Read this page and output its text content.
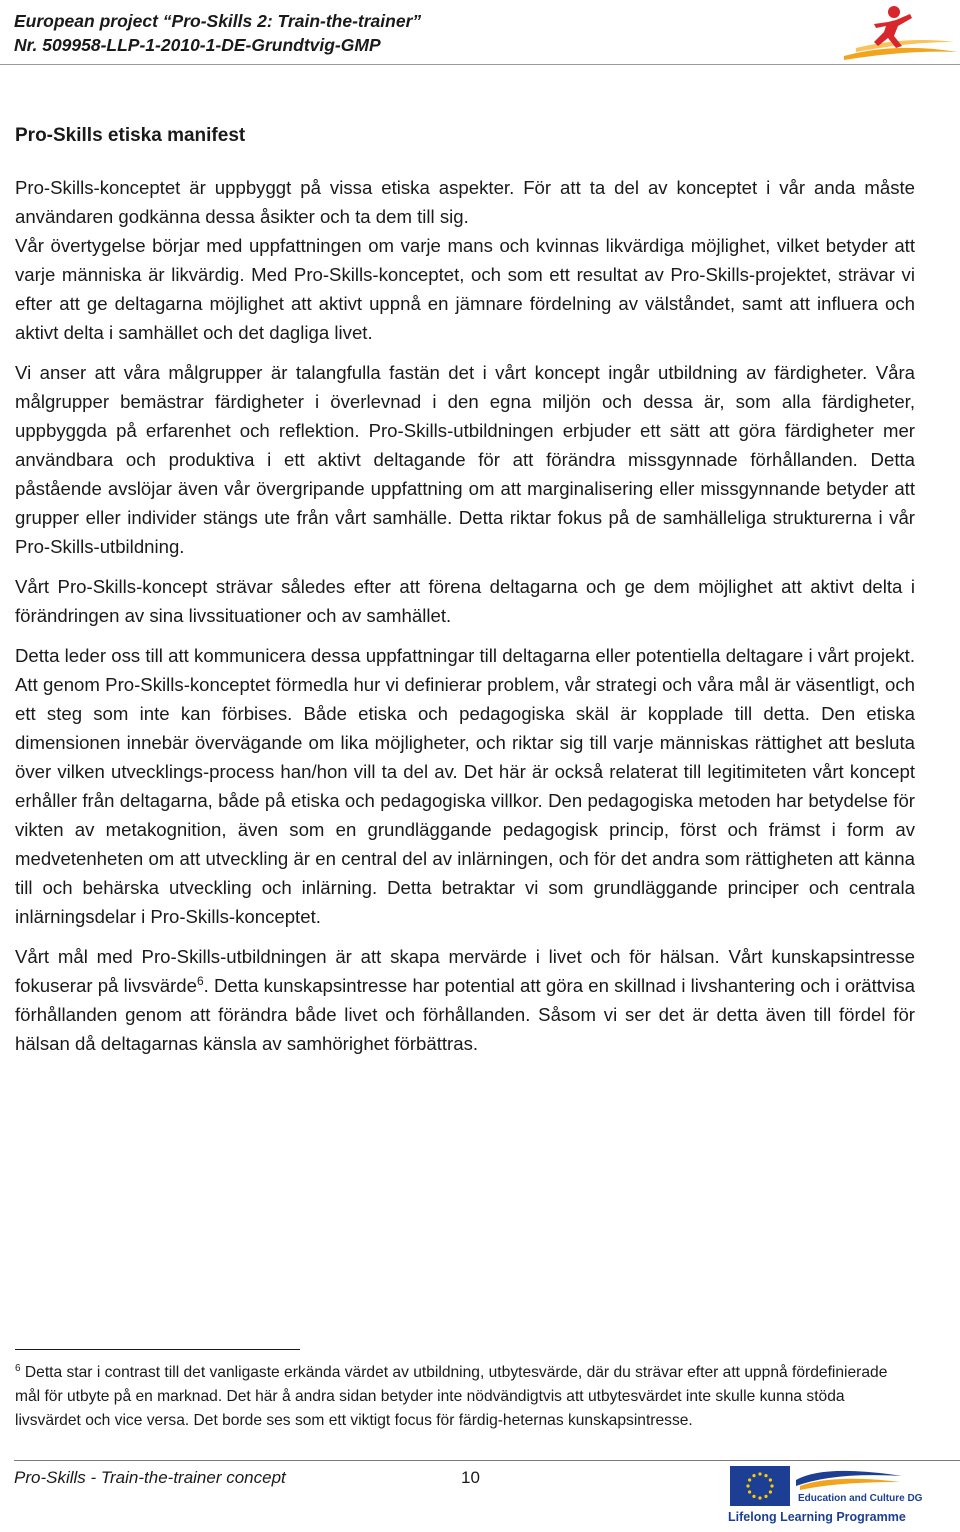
European project “Pro-Skills 2: Train-the-trainer”
Nr. 509958-LLP-1-2010-1-DE-Grundtvig-GMP
Pro-Skills etiska manifest

Pro-Skills-konceptet är uppbyggt på vissa etiska aspekter. För att ta del av konceptet i vår anda måste användaren godkänna dessa åsikter och ta dem till sig.

Vår övertygelse börjar med uppfattningen om varje mans och kvinnas likvärdiga möjlighet, vilket betyder att varje människa är likvärdig. Med Pro-Skills-konceptet, och som ett resultat av Pro-Skills-projektet, strävar vi efter att ge deltagarna möjlighet att aktivt uppnå en jämnare fördelning av välståndet, samt att influera och aktivt delta i samhället och det dagliga livet.

Vi anser att våra målgrupper är talangfulla fastän det i vårt koncept ingår utbildning av färdigheter. Våra målgrupper bemästrar färdigheter i överlevnad i den egna miljön och dessa är, som alla färdigheter, uppbyggda på erfarenhet och reflektion. Pro-Skills-utbildningen erbjuder ett sätt att göra färdigheter mer användbara och produktiva i ett aktivt deltagande för att förändra missgynnade förhållanden. Detta påstående avslöjar även vår övergripande uppfattning om att marginalisering eller missgynnande betyder att grupper eller individer stängs ute från vårt samhälle. Detta riktar fokus på de samhälleliga strukturerna i vår Pro-Skills-utbildning.

Vårt Pro-Skills-koncept strävar således efter att förena deltagarna och ge dem möjlighet att aktivt delta i förändringen av sina livssituationer och av samhället.

Detta leder oss till att kommunicera dessa uppfattningar till deltagarna eller potentiella deltagare i vårt projekt. Att genom Pro-Skills-konceptet förmedla hur vi definierar problem, vår strategi och våra mål är väsentligt, och ett steg som inte kan förbises. Både etiska och pedagogiska skäl är kopplade till detta. Den etiska dimensionen innebär övervägande om lika möjligheter, och riktar sig till varje människas rättighet att besluta över vilken utvecklings-process han/hon vill ta del av. Det här är också relaterat till legitimiteten vårt koncept erhåller från deltagarna, både på etiska och pedagogiska villkor. Den pedagogiska metoden har betydelse för vikten av metakognition, även som en grundläggande pedagogisk princip, först och främst i form av medvetenheten om att utveckling är en central del av inlärningen, och för det andra som rättigheten att känna till och behärska utveckling och inlärning. Detta betraktar vi som grundläggande principer och centrala inlärningsdelar i Pro-Skills-konceptet.

Vårt mål med Pro-Skills-utbildningen är att skapa mervärde i livet och för hälsan. Vårt kunskapsintresse fokuserar på livsvärde$^6$. Detta kunskapsintresse har potential att göra en skillnad i livshantering och i orättvisa förhållanden genom att förändra både livet och förhållanden. Såsom vi ser det är detta även till fördel för hälsan då deltagarnas känsla av samhörighet förbättras.

$^6$ Detta star i contrast till det vanligaste erkända värdet av utbildning, utbytesvärde, där du strävar efter att uppnå fördefinierade mål för utbyte på en marknad. Det här å andra sidan betyder inte nödvändigtvis att utbytesvärdet inte skulle kunna stöda livsvärdet och vice versa. Det borde ses som ett viktigt focus för färdig-heternas kunskapsintresse.
Pro-Skills - Train-the-trainer concept	10
Education and Culture DG
Lifelong Learning Programme
